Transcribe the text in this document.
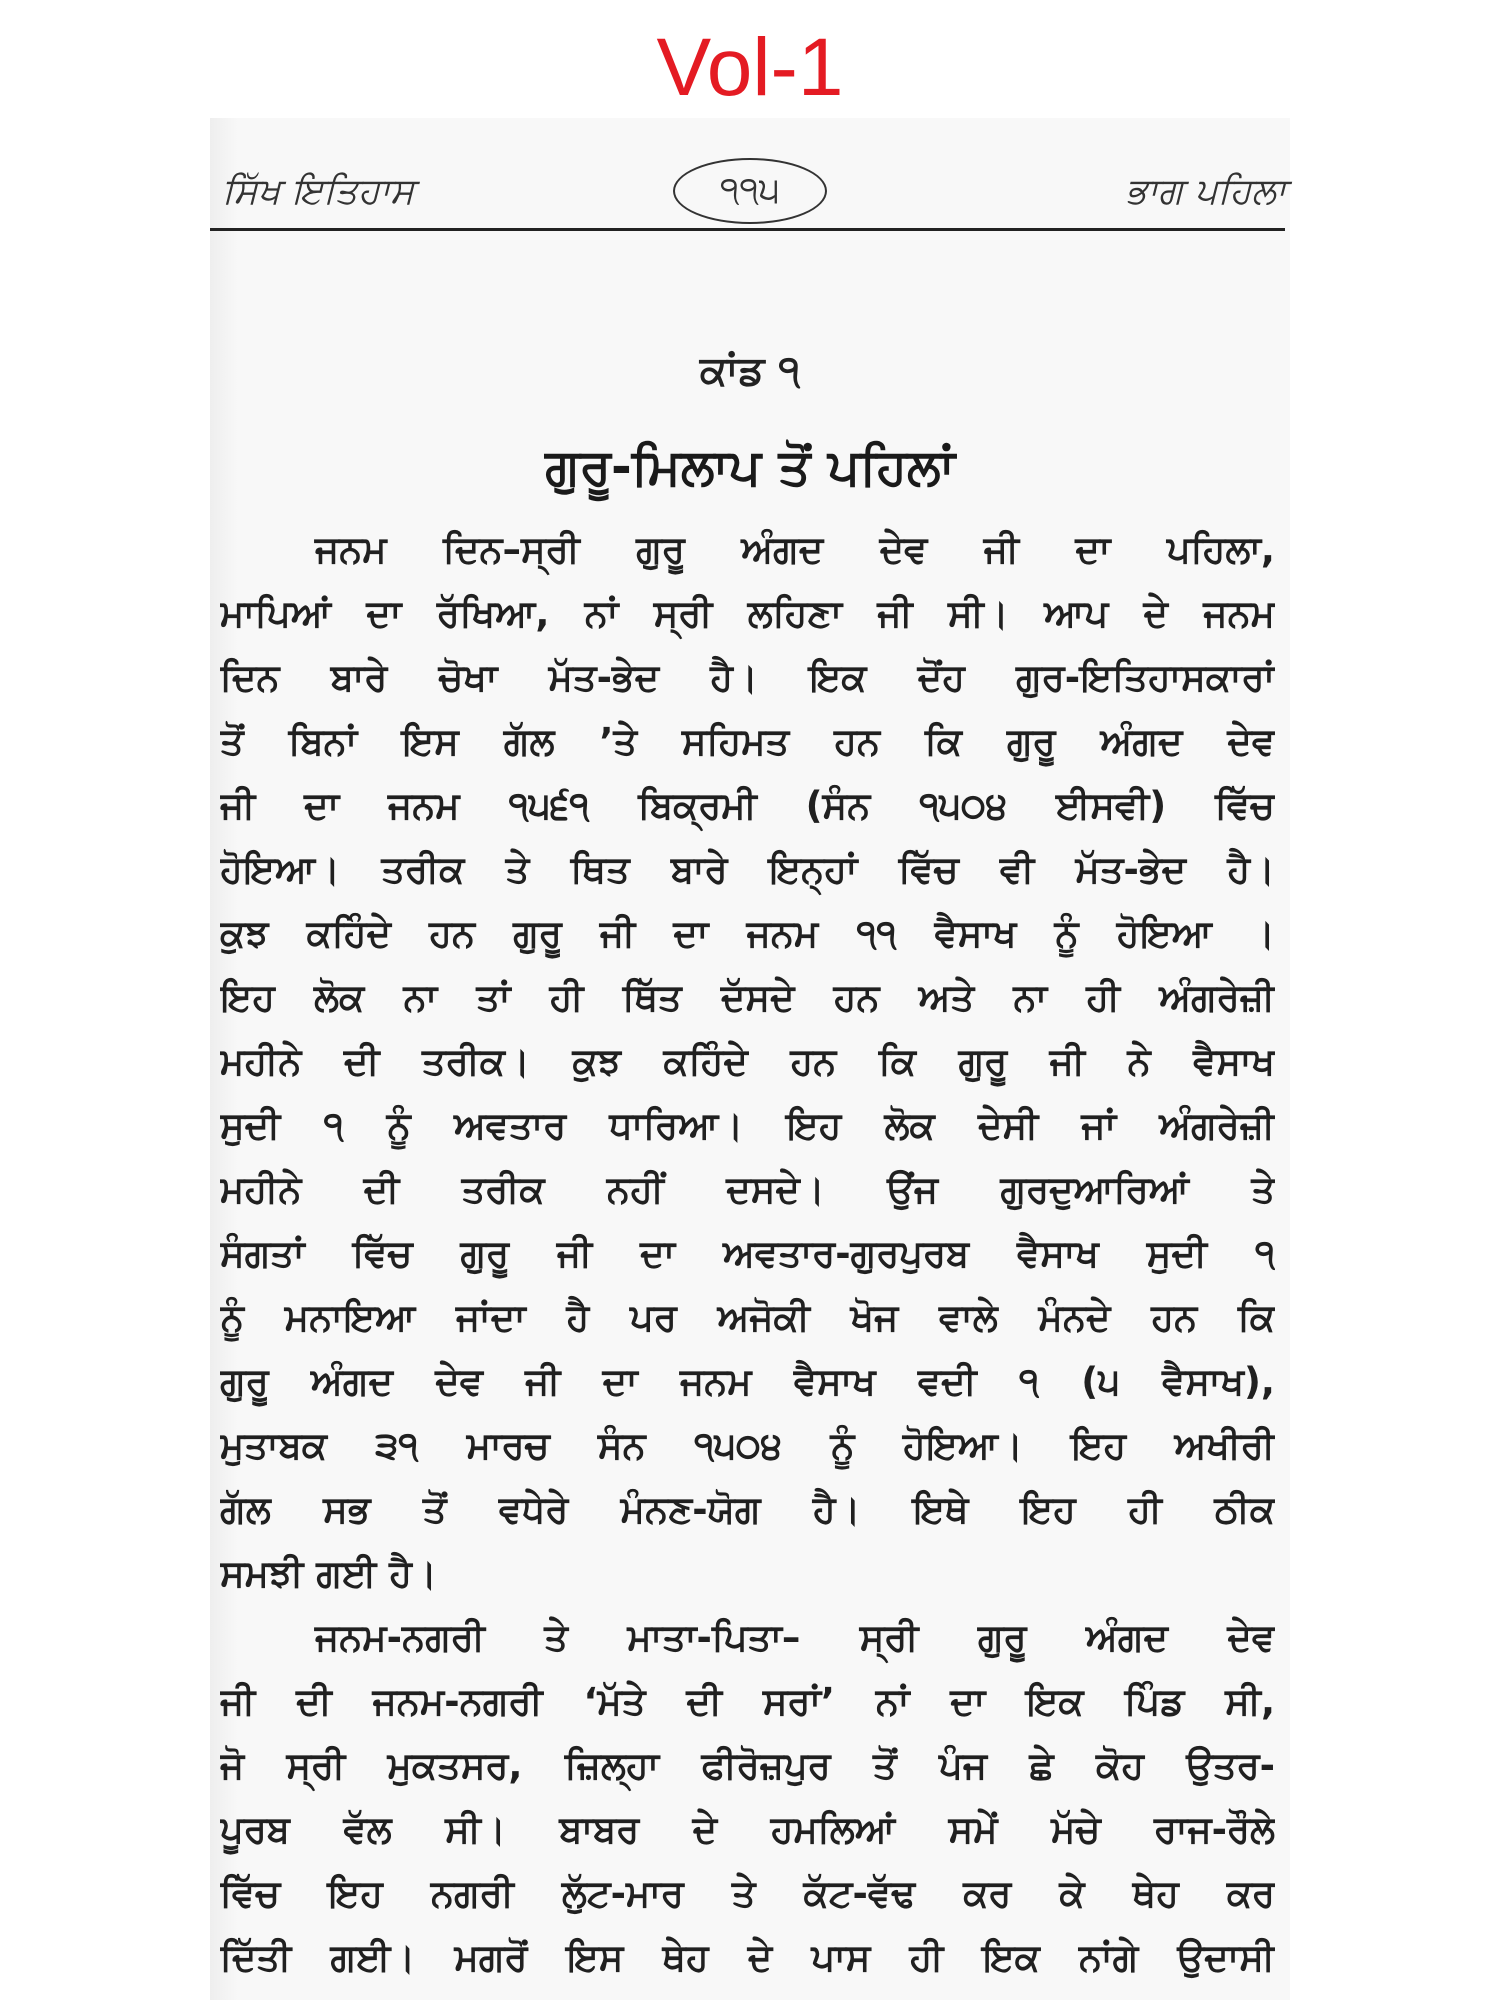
Vol-1
ਸਿੱਖ ਇਤਿਹਾਸ	੧੧੫	ਭਾਗ ਪਹਿਲਾ
ਕਾਂਡ ੧
ਗੁਰੂ-ਮਿਲਾਪ ਤੋਂ ਪਹਿਲਾਂ
ਜਨਮ ਦਿਨ–ਸ੍ਰੀ ਗੁਰੂ ਅੰਗਦ ਦੇਵ ਜੀ ਦਾ ਪਹਿਲਾ,
ਮਾਪਿਆਂ ਦਾ ਰੱਖਿਆ, ਨਾਂ ਸ੍ਰੀ ਲਹਿਣਾ ਜੀ ਸੀ। ਆਪ ਦੇ ਜਨਮ
ਦਿਨ ਬਾਰੇ ਚੋਖਾ ਮੱਤ-ਭੇਦ ਹੈ। ਇਕ ਦੋਂਹ ਗੁਰ-ਇਤਿਹਾਸਕਾਰਾਂ
ਤੋਂ ਬਿਨਾਂ ਇਸ ਗੱਲ ’ਤੇ ਸਹਿਮਤ ਹਨ ਕਿ ਗੁਰੂ ਅੰਗਦ ਦੇਵ
ਜੀ ਦਾ ਜਨਮ ੧੫੬੧ ਬਿਕ੍ਰਮੀ (ਸੰਨ ੧੫੦੪ ਈਸਵੀ) ਵਿੱਚ
ਹੋਇਆ। ਤਰੀਕ ਤੇ ਥਿਤ ਬਾਰੇ ਇਨ੍ਹਾਂ ਵਿੱਚ ਵੀ ਮੱਤ-ਭੇਦ ਹੈ।
ਕੁਝ ਕਹਿੰਦੇ ਹਨ ਗੁਰੂ ਜੀ ਦਾ ਜਨਮ ੧੧ ਵੈਸਾਖ ਨੂੰ ਹੋਇਆ ।
ਇਹ ਲੋਕ ਨਾ ਤਾਂ ਹੀ ਥਿੱਤ ਦੱਸਦੇ ਹਨ ਅਤੇ ਨਾ ਹੀ ਅੰਗਰੇਜ਼ੀ
ਮਹੀਨੇ ਦੀ ਤਰੀਕ। ਕੁਝ ਕਹਿੰਦੇ ਹਨ ਕਿ ਗੁਰੂ ਜੀ ਨੇ ਵੈਸਾਖ
ਸੁਦੀ ੧ ਨੂੰ ਅਵਤਾਰ ਧਾਰਿਆ। ਇਹ ਲੋਕ ਦੇਸੀ ਜਾਂ ਅੰਗਰੇਜ਼ੀ
ਮਹੀਨੇ ਦੀ ਤਰੀਕ ਨਹੀਂ ਦਸਦੇ। ਉਂਜ ਗੁਰਦੁਆਰਿਆਂ ਤੇ
ਸੰਗਤਾਂ ਵਿੱਚ ਗੁਰੂ ਜੀ ਦਾ ਅਵਤਾਰ-ਗੁਰਪੁਰਬ ਵੈਸਾਖ ਸੁਦੀ ੧
ਨੂੰ ਮਨਾਇਆ ਜਾਂਦਾ ਹੈ ਪਰ ਅਜੋਕੀ ਖੋਜ ਵਾਲੇ ਮੰਨਦੇ ਹਨ ਕਿ
ਗੁਰੂ ਅੰਗਦ ਦੇਵ ਜੀ ਦਾ ਜਨਮ ਵੈਸਾਖ ਵਦੀ ੧ (੫ ਵੈਸਾਖ),
ਮੁਤਾਬਕ ੩੧ ਮਾਰਚ ਸੰਨ ੧੫੦੪ ਨੂੰ ਹੋਇਆ। ਇਹ ਅਖੀਰੀ
ਗੱਲ ਸਭ ਤੋਂ ਵਧੇਰੇ ਮੰਨਣ-ਯੋਗ ਹੈ। ਇਥੇ ਇਹ ਹੀ ਠੀਕ
ਸਮਝੀ ਗਈ ਹੈ।
ਜਨਮ-ਨਗਰੀ ਤੇ ਮਾਤਾ-ਪਿਤਾ– ਸ੍ਰੀ ਗੁਰੂ ਅੰਗਦ ਦੇਵ
ਜੀ ਦੀ ਜਨਮ-ਨਗਰੀ ‘ਮੱਤੇ ਦੀ ਸਰਾਂ’ ਨਾਂ ਦਾ ਇਕ ਪਿੰਡ ਸੀ,
ਜੋ ਸ੍ਰੀ ਮੁਕਤਸਰ, ਜ਼ਿਲ੍ਹਾ ਫੀਰੋਜ਼ਪੁਰ ਤੋਂ ਪੰਜ ਛੇ ਕੋਹ ਉਤਰ-
ਪੂਰਬ ਵੱਲ ਸੀ। ਬਾਬਰ ਦੇ ਹਮਲਿਆਂ ਸਮੇਂ ਮੱਚੇ ਰਾਜ-ਰੌਲੇ
ਵਿੱਚ ਇਹ ਨਗਰੀ ਲੁੱਟ-ਮਾਰ ਤੇ ਕੱਟ-ਵੱਢ ਕਰ ਕੇ ਥੇਹ ਕਰ
ਦਿੱਤੀ ਗਈ। ਮਗਰੋਂ ਇਸ ਥੇਹ ਦੇ ਪਾਸ ਹੀ ਇਕ ਨਾਂਗੇ ਉਦਾਸੀ
